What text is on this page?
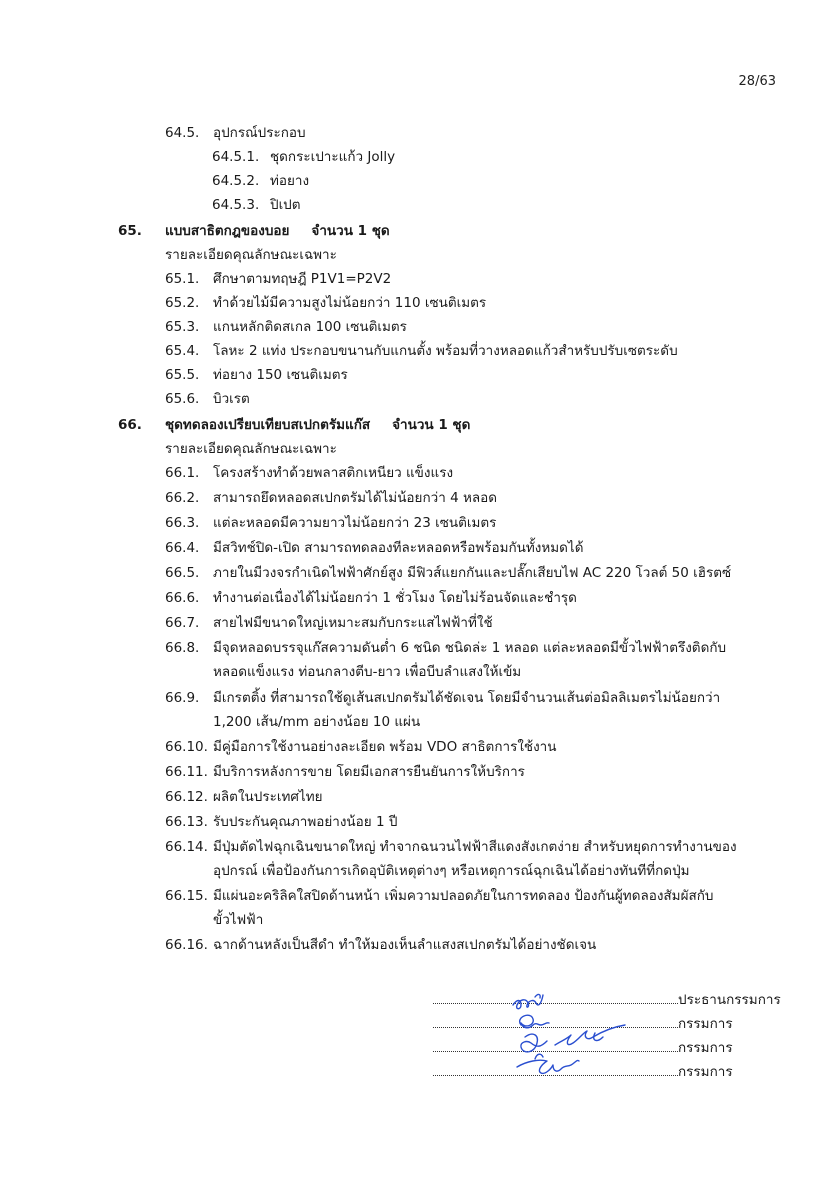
28/63
64.5. อุปกรณ์ประกอบ
64.5.1. ชุดกระเปาะแก้ว Jolly
64.5.2. ท่อยาง
64.5.3. ปิเปต
65. แบบสาธิตกฎของบอย จำนวน 1 ชุด
รายละเอียดคุณลักษณะเฉพาะ
65.1. ศึกษาตามทฤษฎี P1V1=P2V2
65.2. ทำด้วยไม้มีความสูงไม่น้อยกว่า 110 เซนติเมตร
65.3. แกนหลักติดสเกล 100 เซนติเมตร
65.4. โลหะ 2 แท่ง ประกอบขนานกับแกนตั้ง พร้อมที่วางหลอดแก้วสำหรับปรับเซตระดับ
65.5. ท่อยาง 150 เซนติเมตร
65.6. บิวเรต
66. ชุดทดลองเปรียบเทียบสเปกตรัมแก๊ส จำนวน 1 ชุด
รายละเอียดคุณลักษณะเฉพาะ
66.1. โครงสร้างทำด้วยพลาสติกเหนียว แข็งแรง
66.2. สามารถยึดหลอดสเปกตรัมได้ไม่น้อยกว่า 4 หลอด
66.3. แต่ละหลอดมีความยาวไม่น้อยกว่า 23 เซนติเมตร
66.4. มีสวิทช์ปิด-เปิด สามารถทดลองทีละหลอดหรือพร้อมกันทั้งหมดได้
66.5. ภายในมีวงจรกำเนิดไฟฟ้าศักย์สูง มีฟิวส์แยกกันและปลั๊กเสียบไฟ AC 220 โวลต์ 50 เฮิรตซ์
66.6. ทำงานต่อเนื่องได้ไม่น้อยกว่า 1 ชั่วโมง โดยไม่ร้อนจัดและชำรุด
66.7. สายไฟมีขนาดใหญ่เหมาะสมกับกระแสไฟฟ้าที่ใช้
66.8. มีจุดหลอดบรรจุแก๊สความดันต่ำ 6 ชนิด ชนิดล่ะ 1 หลอด แต่ละหลอดมีขั้วไฟฟ้าตรึงติดกับ
หลอดแข็งแรง ท่อนกลางตีบ-ยาว เพื่อบีบลำแสงให้เข้ม
66.9. มีเกรตติ้ง ที่สามารถใช้ดูเส้นสเปกตรัมได้ชัดเจน โดยมีจำนวนเส้นต่อมิลลิเมตรไม่น้อยกว่า
1,200 เส้น/mm อย่างน้อย 10 แผ่น
66.10. มีคู่มือการใช้งานอย่างละเอียด พร้อม VDO สาธิตการใช้งาน
66.11. มีบริการหลังการขาย โดยมีเอกสารยืนยันการให้บริการ
66.12. ผลิตในประเทศไทย
66.13. รับประกันคุณภาพอย่างน้อย 1 ปี
66.14. มีปุ่มตัดไฟฉุกเฉินขนาดใหญ่ ทำจากฉนวนไฟฟ้าสีแดงสังเกตง่าย สำหรับหยุดการทำงานของ
อุปกรณ์ เพื่อป้องกันการเกิดอุบัติเหตุต่างๆ หรือเหตุการณ์ฉุกเฉินได้อย่างทันทีที่กดปุ่ม
66.15. มีแผ่นอะคริลิคใสปิดด้านหน้า เพิ่มความปลอดภัยในการทดลอง ป้องกันผู้ทดลองสัมผัสกับ
ขั้วไฟฟ้า
66.16. ฉากด้านหลังเป็นสีดำ ทำให้มองเห็นลำแสงสเปกตรัมได้อย่างชัดเจน
ประธานกรรมการ
กรรมการ
กรรมการ
กรรมการ
